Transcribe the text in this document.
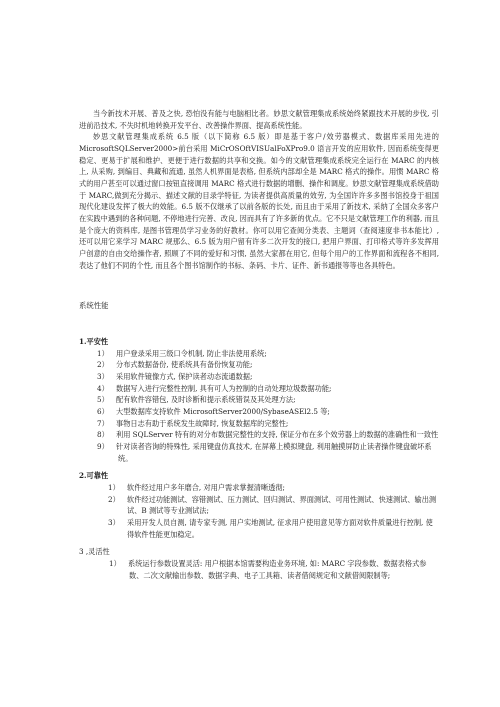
当今新技术开展、普及之快, 恐怕没有能与电脑相比者。妙思文献管理集成系统始终紧跟技术开展的步伐, 引进前沿技术, 不失时机地转换开发平台、改善操作界面、提高系统性能。

妙思文献管理集成系统 6.5 版（以下简称 6.5 版）即是基于客户/效劳器模式、数据库采用先进的 MicrosoftSQLServer2000>前台采用 MiCrOSOftVISUalFoXPro9.0 语言开发的应用软件, 因而系统变得更稳定、更易于扩展和维护、更便于进行数据的共享和交换。如今的文献管理集成系统完全运行在 MARC 的内核上, 从采购, 到编目、典藏和流通, 虽然人机界面是表格, 但系统内部却全是 MARC 格式的操作。用惯 MARC 格式的用户甚至可以通过窗口按钮直接调用 MARC 格式进行数据的增删、操作和调度。妙思文献管理集成系统借助于 MARC,做到充分揭示、描述文献的目录学特征, 为读者提供高质量的效劳, 为全国许许多多图书馆投身于祖国现代化建设发挥了极大的效能。6.5 版不仅继承了以前各版的长处, 而且由于采用了新技术, 采纳了全国众多客户在实践中遇到的各种问题, 不停地进行完善、改良, 因而具有了许多新的优点。它不只是文献管理工作的利器, 而且是个庞大的资料库, 是图书管理员学习业务的好教材。你可以用它查阅分类表、主题词（查阅速度非书本能比）, 还可以用它来学习 MARC 规那么、6.5 版为用户留有许多二次开发的接口, 把用户界面、打印格式等许多发挥用户创意的自由交给操作者, 照顾了不同的爱好和习惯, 虽然大家都在用它, 但每个用户的工作界面和流程各不相同, 表达了他们不同的个性, 而且各个图书馆制作的书标、条码、卡片、证件、新书通报等等也各具特色。

系统性能
1.平安性
1） 用户登录采用三级口令机制, 防止非法使用系统;
2） 分布式数据备份, 使系统具有备份恢复功能;
3） 采用软件镜像方式, 保护读者动态流通数据;
4） 数据写入进行完整性控制, 具有可人为控制的自动处理垃圾数据功能;
5） 配有软件容错包, 及时诊断和提示系统错误及其处理方法;
6） 大型数据库支持软件 MicrosoftServer2000/SybaseASEl2.5 等;
7） 事物日志有助于系统发生故障时, 恢复数据库的完整性;
8） 利用 SQLServer 特有的对分布数据完整性的支持, 保证分布在多个效劳器上的数据的准确性和一致性
9） 针对读者咨询的特殊性, 采用键盘仿真技术, 在屏幕上模拟键盘, 利用触摸屏防止读者操作键盘破坏系统。
2.可靠性
1） 软件经过用户多年磨合, 对用户需求掌握清晰透彻;
2） 软件经过功能测试、容错测试、压力测试、回归测试、界面测试、可用性测试、快速测试、输出测试、B 测试等专业测试法;
3） 采用开发人员自测, 请专家专测, 用户实地测试, 征求用户使用意见等方面对软件质量进行控制, 使得软件性能更加稳定。
3 ,灵活性
1） 系统运行参数设置灵活: 用户根据本馆需要构造业务环境, 如: MARC 字段参数、数据表格式参数、二次文献输出参数、数据字典、电子工具箱、读者借阅规定和文献借阅限制等;
